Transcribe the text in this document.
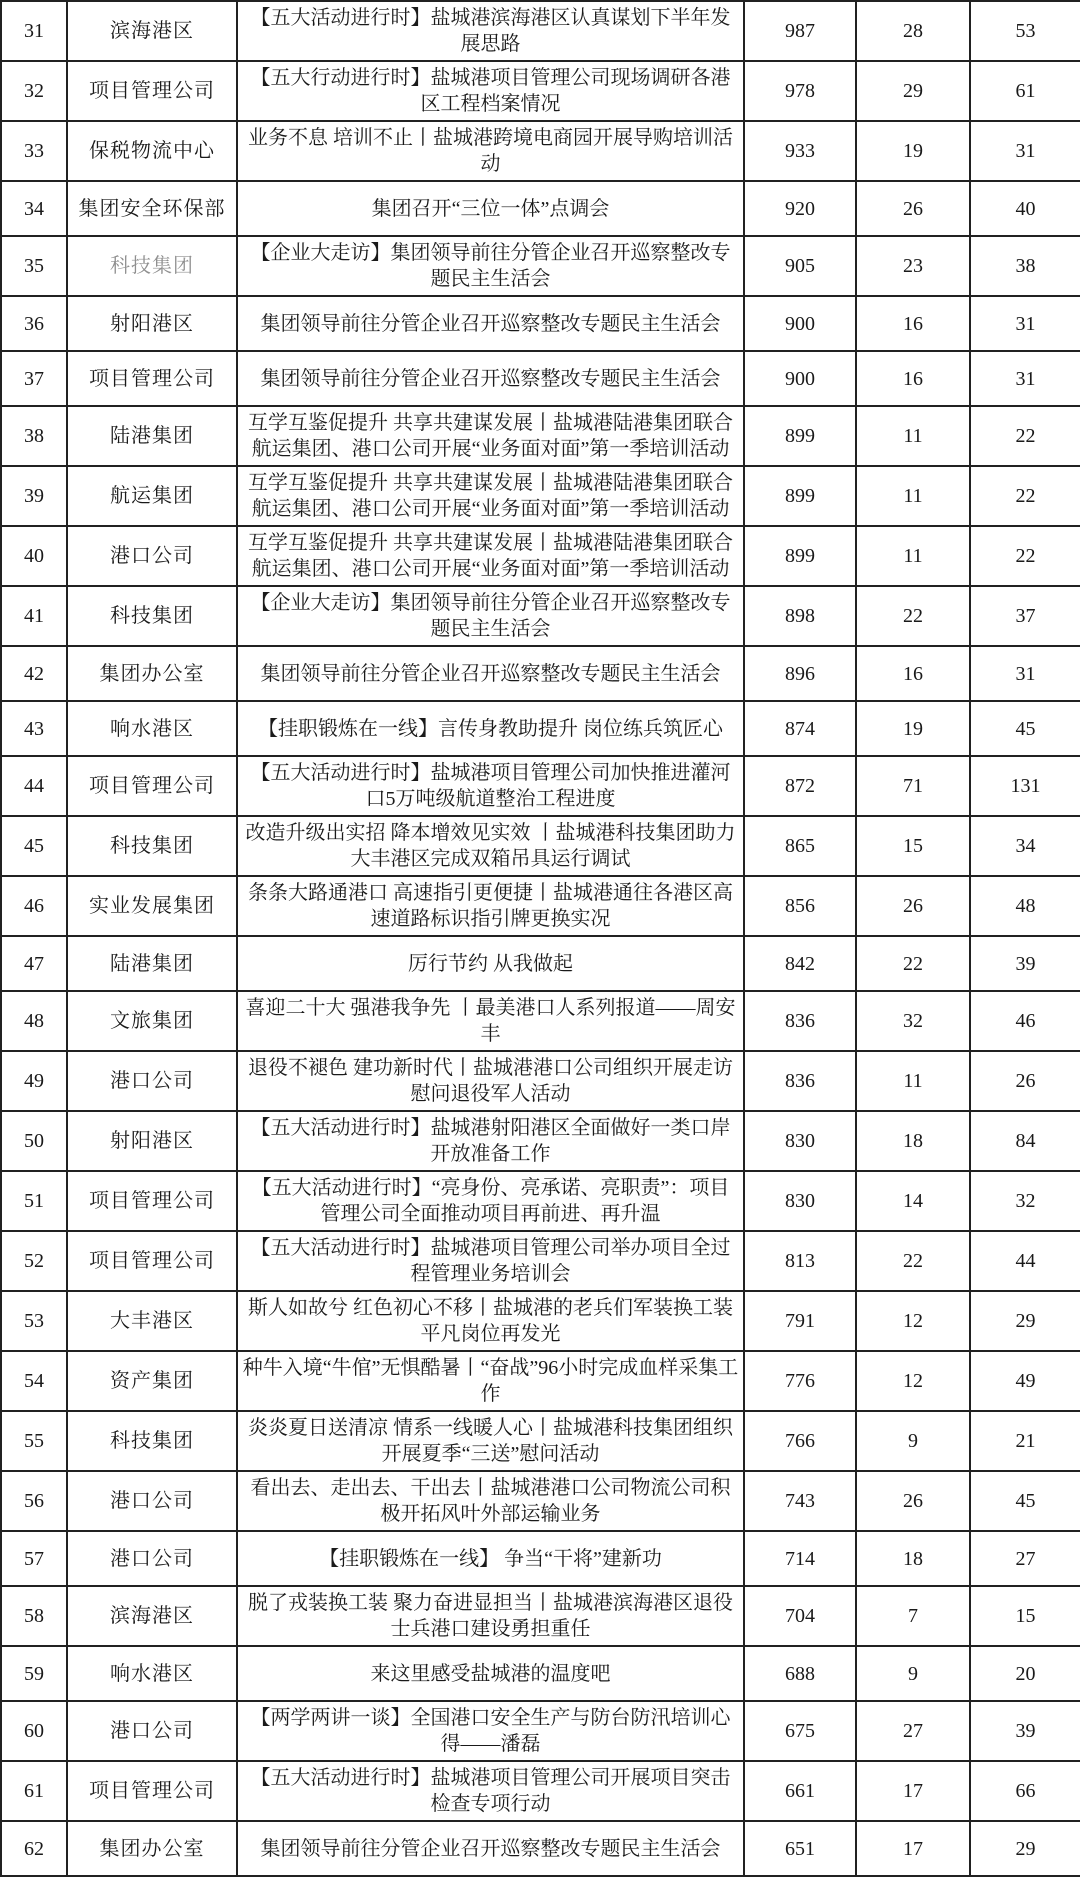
31	滨海港区	【五大活动进行时】盐城港滨海港区认真谋划下半年发展思路	987	28	53
32	项目管理公司	【五大行动进行时】盐城港项目管理公司现场调研各港区工程档案情况	978	29	61
33	保税物流中心	业务不息 培训不止丨盐城港跨境电商园开展导购培训活动	933	19	31
34	集团安全环保部	集团召开“三位一体”点调会	920	26	40
35	科技集团	【企业大走访】集团领导前往分管企业召开巡察整改专题民主生活会	905	23	38
36	射阳港区	集团领导前往分管企业召开巡察整改专题民主生活会	900	16	31
37	项目管理公司	集团领导前往分管企业召开巡察整改专题民主生活会	900	16	31
38	陆港集团	互学互鉴促提升 共享共建谋发展丨盐城港陆港集团联合航运集团、港口公司开展“业务面对面”第一季培训活动	899	11	22
39	航运集团	互学互鉴促提升 共享共建谋发展丨盐城港陆港集团联合航运集团、港口公司开展“业务面对面”第一季培训活动	899	11	22
40	港口公司	互学互鉴促提升 共享共建谋发展丨盐城港陆港集团联合航运集团、港口公司开展“业务面对面”第一季培训活动	899	11	22
41	科技集团	【企业大走访】集团领导前往分管企业召开巡察整改专题民主生活会	898	22	37
42	集团办公室	集团领导前往分管企业召开巡察整改专题民主生活会	896	16	31
43	响水港区	【挂职锻炼在一线】言传身教助提升 岗位练兵筑匠心	874	19	45
44	项目管理公司	【五大活动进行时】盐城港项目管理公司加快推进灌河口5万吨级航道整治工程进度	872	71	131
45	科技集团	改造升级出实招 降本增效见实效 丨盐城港科技集团助力大丰港区完成双箱吊具运行调试	865	15	34
46	实业发展集团	条条大路通港口 高速指引更便捷丨盐城港通往各港区高速道路标识指引牌更换实况	856	26	48
47	陆港集团	厉行节约 从我做起	842	22	39
48	文旅集团	喜迎二十大 强港我争先 丨最美港口人系列报道——周安丰	836	32	46
49	港口公司	退役不褪色 建功新时代丨盐城港港口公司组织开展走访慰问退役军人活动	836	11	26
50	射阳港区	【五大活动进行时】盐城港射阳港区全面做好一类口岸开放准备工作	830	18	84
51	项目管理公司	【五大活动进行时】“亮身份、亮承诺、亮职责”：项目管理公司全面推动项目再前进、再升温	830	14	32
52	项目管理公司	【五大活动进行时】盐城港项目管理公司举办项目全过程管理业务培训会	813	22	44
53	大丰港区	斯人如故兮 红色初心不移丨盐城港的老兵们军装换工装 平凡岗位再发光	791	12	29
54	资产集团	种牛入境“牛倌”无惧酷暑丨“奋战”96小时完成血样采集工作	776	12	49
55	科技集团	炎炎夏日送清凉 情系一线暖人心丨盐城港科技集团组织开展夏季“三送”慰问活动	766	9	21
56	港口公司	看出去、走出去、干出去丨盐城港港口公司物流公司积极开拓风叶外部运输业务	743	26	45
57	港口公司	【挂职锻炼在一线】 争当“干将”建新功	714	18	27
58	滨海港区	脱了戎装换工装 聚力奋进显担当丨盐城港滨海港区退役士兵港口建设勇担重任	704	7	15
59	响水港区	来这里感受盐城港的温度吧	688	9	20
60	港口公司	【两学两讲一谈】全国港口安全生产与防台防汛培训心得——潘磊	675	27	39
61	项目管理公司	【五大活动进行时】盐城港项目管理公司开展项目突击检查专项行动	661	17	66
62	集团办公室	集团领导前往分管企业召开巡察整改专题民主生活会	651	17	29
